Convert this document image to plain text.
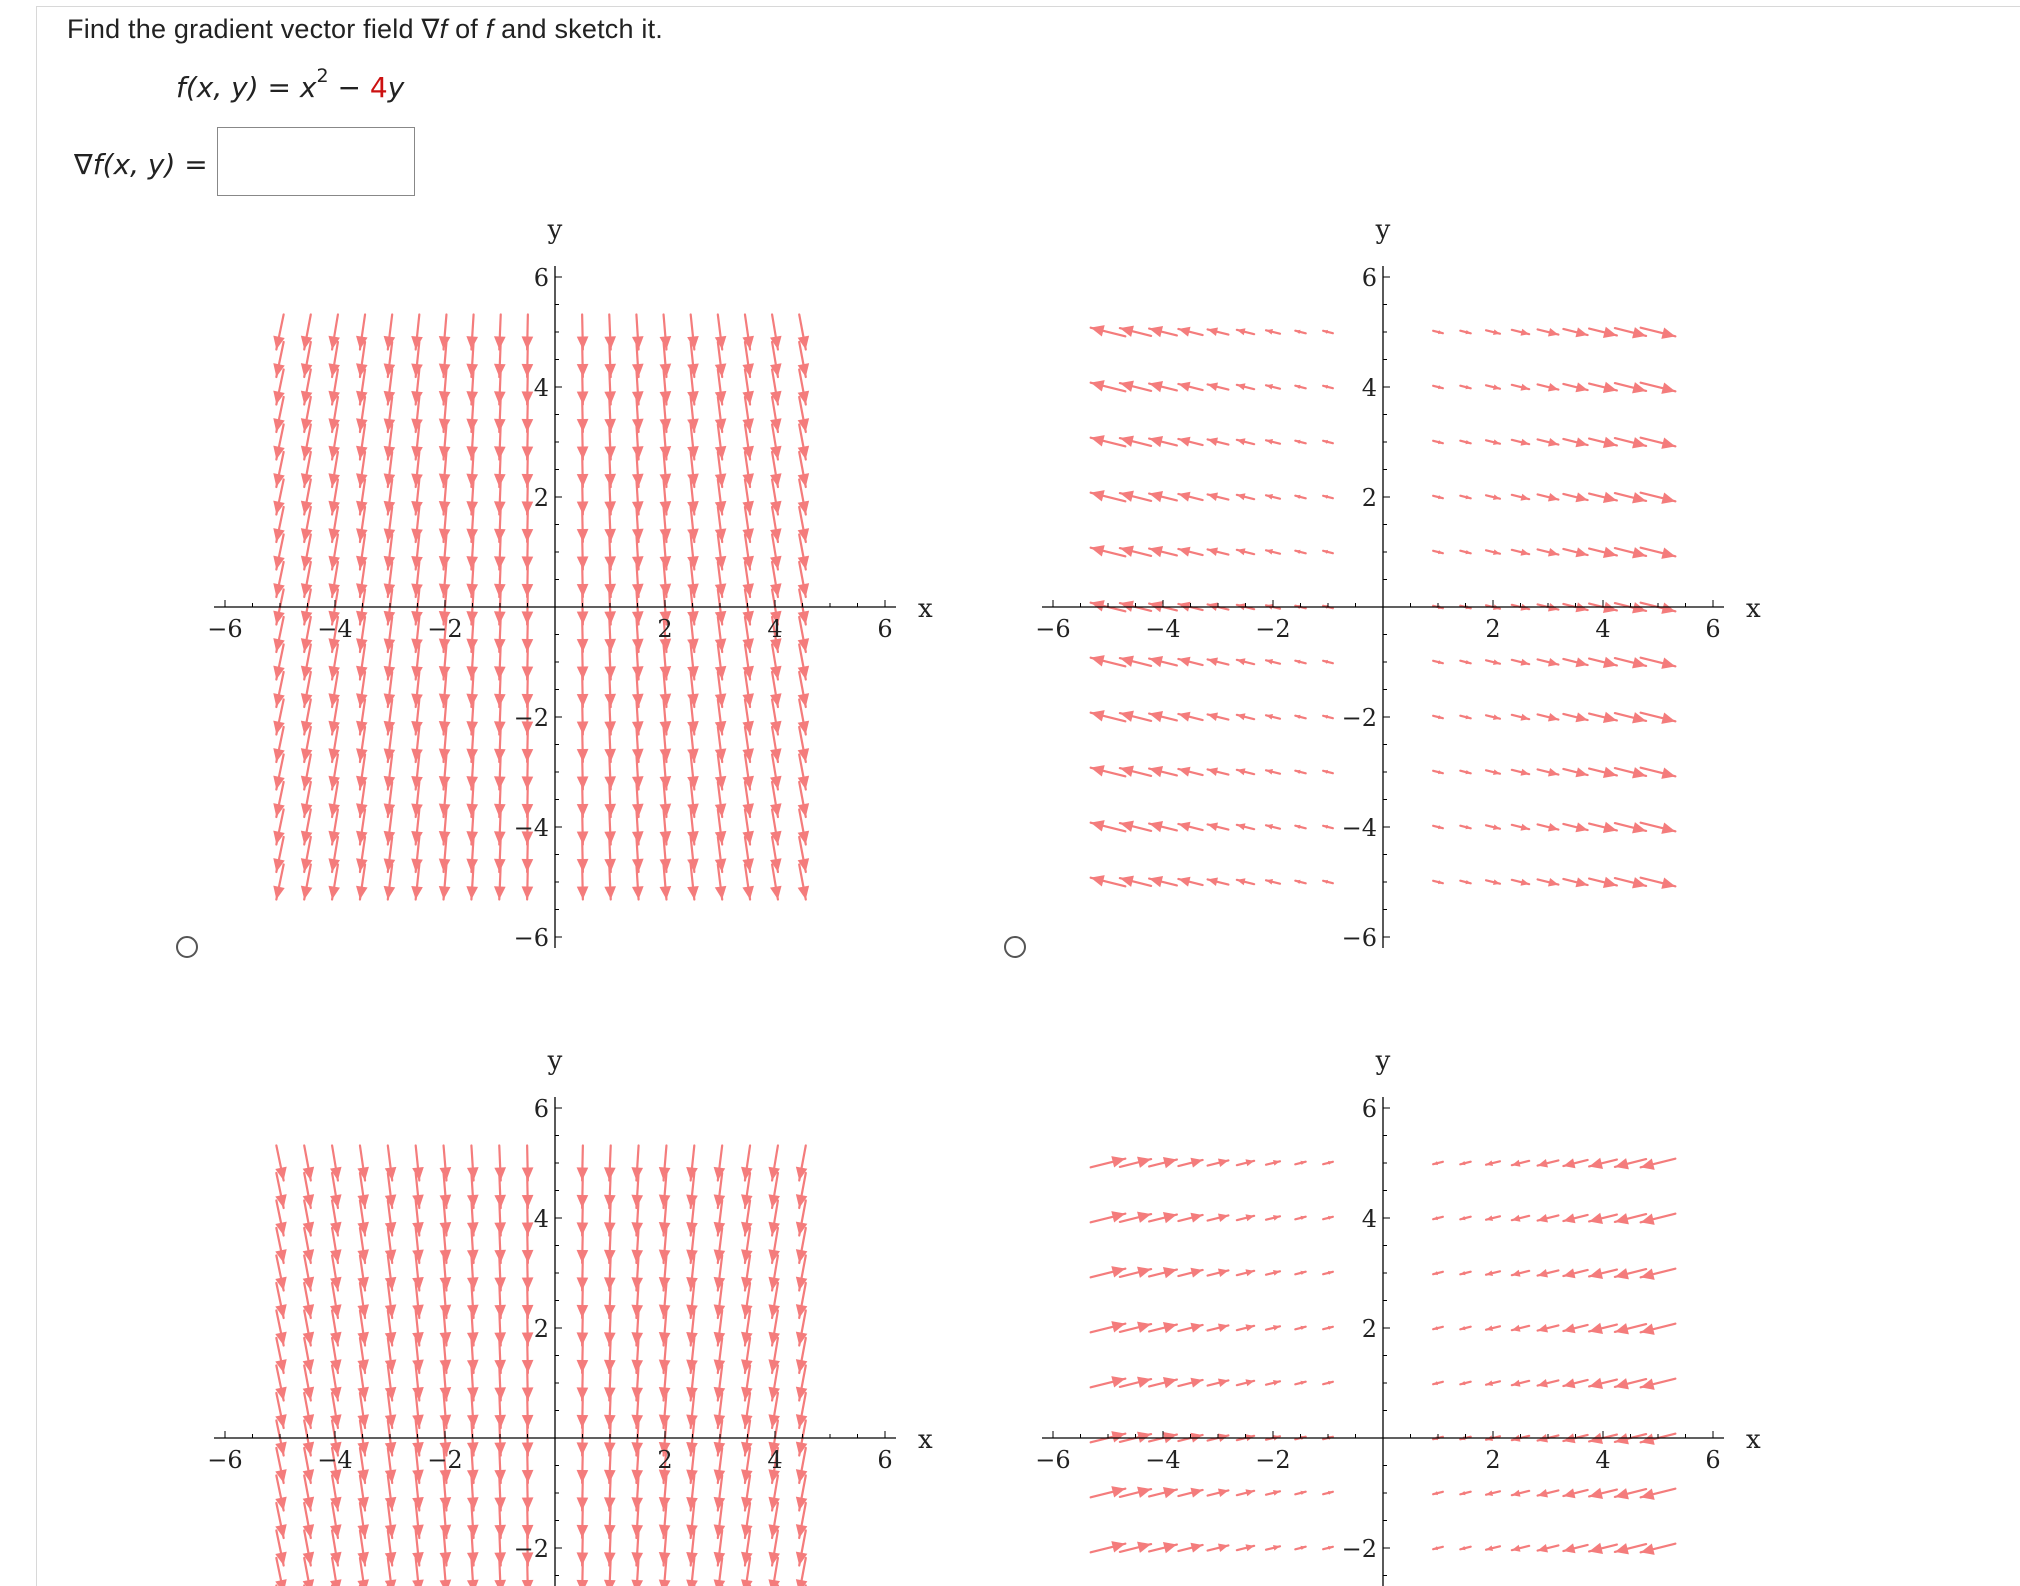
Find the gradient vector field ∇f of f and sketch it.
f(x, $y) = x^2 - 4y$
∇f(x, y) =
−6	−4	−2	2	4	6
−6
−4
−2
2
4
6
x
y
−6	−4	−2	2	4	6
−6
−4
−2
2
4
6
x
y
−6	−4	−2	2	4	6
−2
2
4
6
x
y
−6	−4	−2	2	4	6
−2
2
4
6
x
y
